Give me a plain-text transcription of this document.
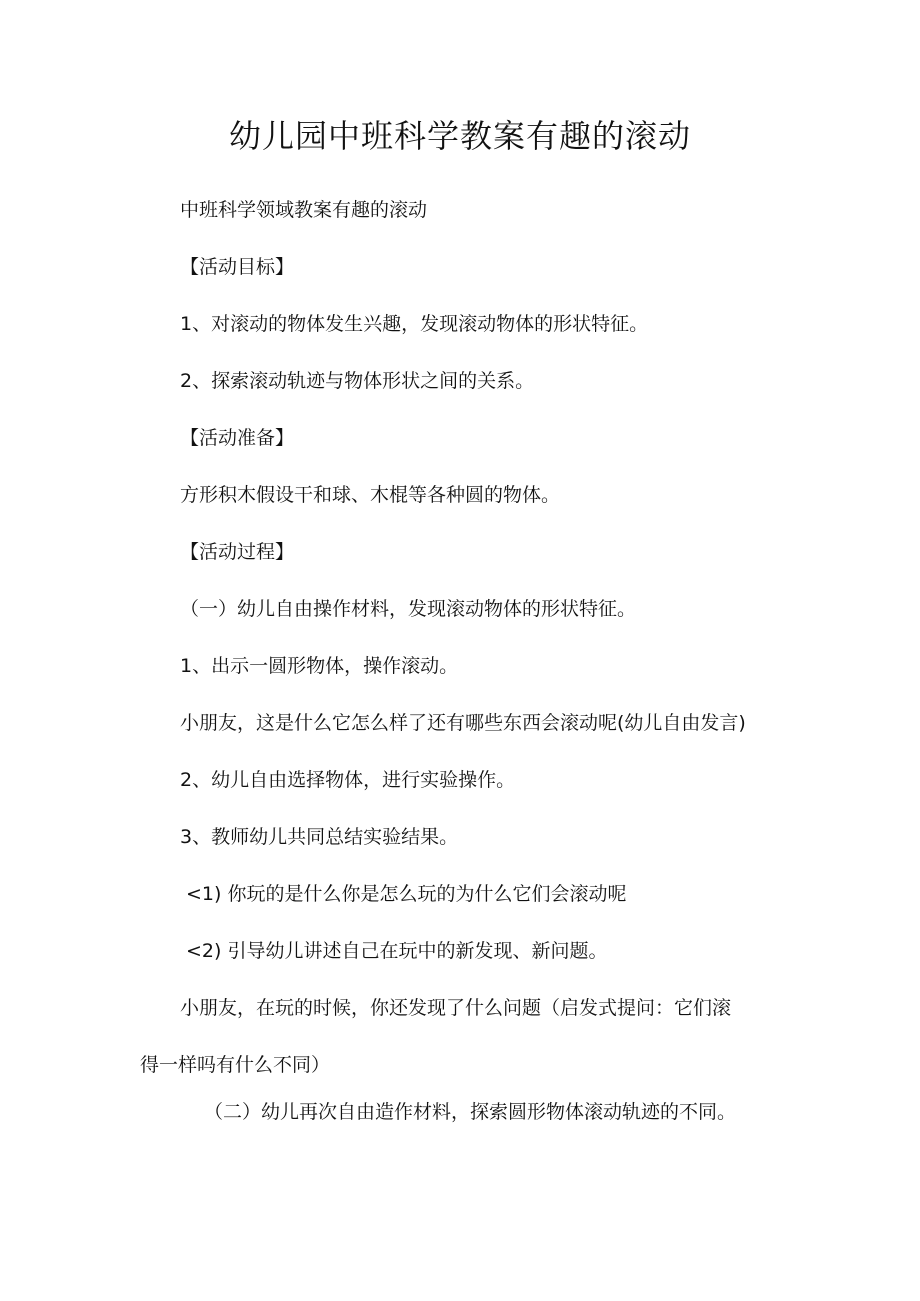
幼儿园中班科学教案有趣的滚动
中班科学领域教案有趣的滚动
【活动目标】
1、对滚动的物体发生兴趣，发现滚动物体的形状特征。
2、探索滚动轨迹与物体形状之间的关系。
【活动准备】
方形积木假设干和球、木棍等各种圆的物体。
【活动过程】
（一）幼儿自由操作材料，发现滚动物体的形状特征。
1、出示一圆形物体，操作滚动。
小朋友，这是什么它怎么样了还有哪些东西会滚动呢(幼儿自由发言)
2、幼儿自由选择物体，进行实验操作。
3、教师幼儿共同总结实验结果。
<1) 你玩的是什么你是怎么玩的为什么它们会滚动呢
<2) 引导幼儿讲述自己在玩中的新发现、新问题。
小朋友，在玩的时候，你还发现了什么问题（启发式提问：它们滚
得一样吗有什么不同）
（二）幼儿再次自由造作材料，探索圆形物体滚动轨迹的不同。
